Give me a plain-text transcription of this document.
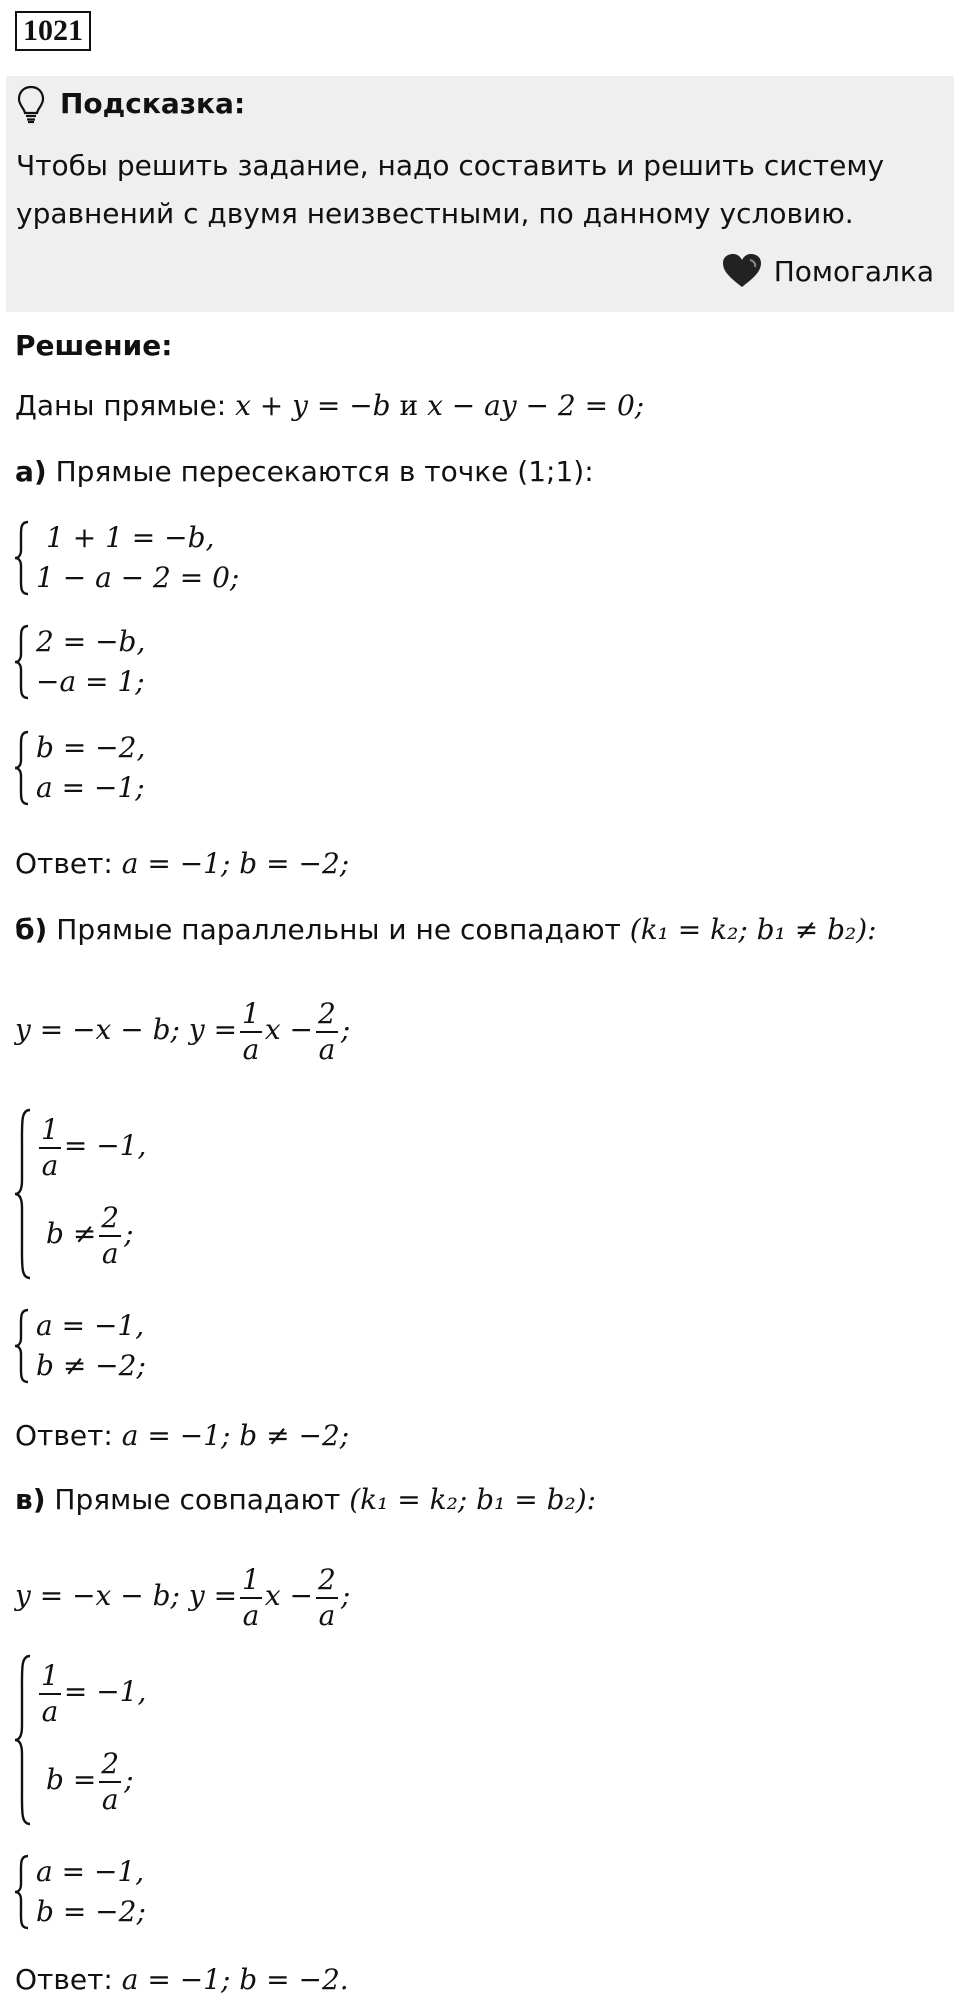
1021
Подсказка:
Чтобы решить задание, надо составить и решить систему уравнений с двумя неизвестными, по данному условию.
Помогалка
Решение:
Даны прямые: x + y = −b и x − ay − 2 = 0;
а) Прямые пересекаются в точке (1;1):
1 + 1 = −b,
1 − a − 2 = 0;
2 = −b,
−a = 1;
b = −2,
a = −1;
Ответ: a = −1; b = −2;
б) Прямые параллельны и не совпадают (k₁ = k₂; b₁ ≠ b₂):
y = −x − b; $y = \frac{1}{a}$ $x - \frac{2}{a}$ ;
$\frac{1}{a} = -1$,
$b \ne \frac{2}{a}$ ;
a = −1,
b ≠ −2;
Ответ: a = −1; b ≠ −2;
в) Прямые совпадают (k₁ = k₂; b₁ = b₂):
y = −x − b; $y = \frac{1}{a}$ $x - \frac{2}{a}$ ;
$\frac{1}{a} = -1$,
$b = \frac{2}{a}$ ;
a = −1,
b = −2;
Ответ: a = −1; b = −2.
